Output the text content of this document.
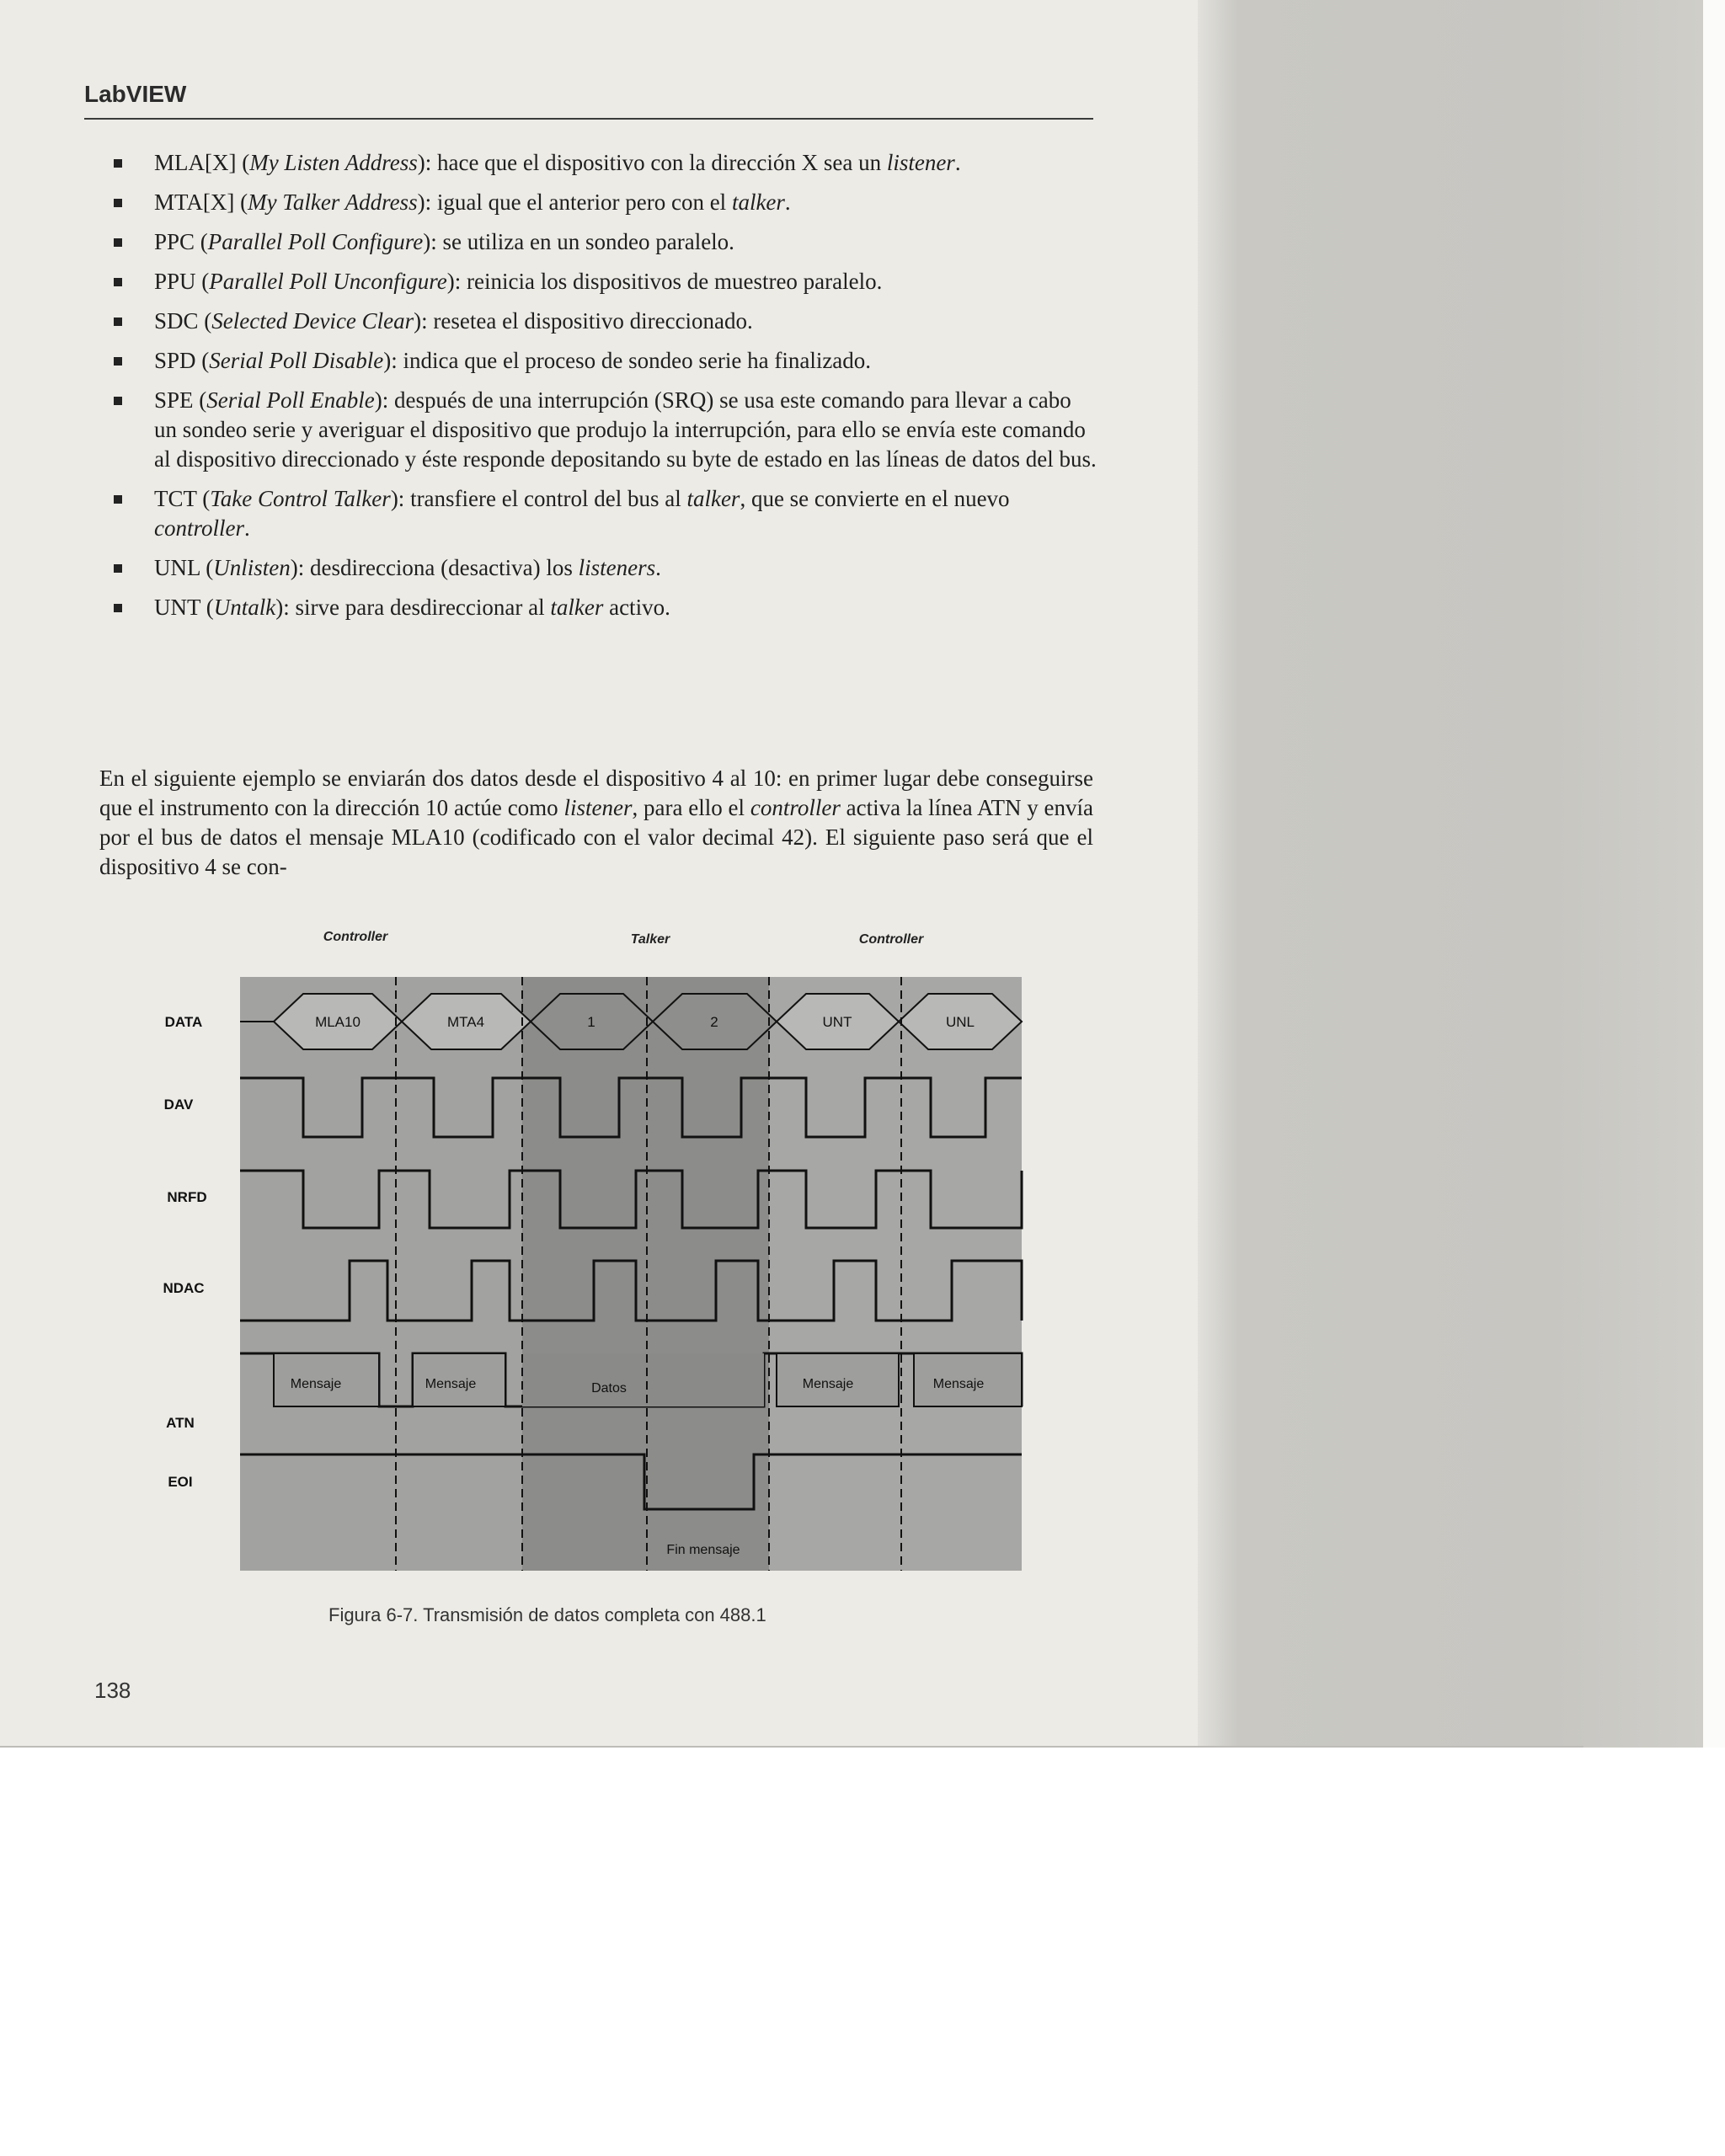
LabVIEW
MLA[X] (My Listen Address): hace que el dispositivo con la dirección X sea un listener.
MTA[X] (My Talker Address): igual que el anterior pero con el talker.
PPC (Parallel Poll Configure): se utiliza en un sondeo paralelo.
PPU (Parallel Poll Unconfigure): reinicia los dispositivos de muestreo paralelo.
SDC (Selected Device Clear): resetea el dispositivo direccionado.
SPD (Serial Poll Disable): indica que el proceso de sondeo serie ha finalizado.
SPE (Serial Poll Enable): después de una interrupción (SRQ) se usa este comando para llevar a cabo un sondeo serie y averiguar el dispositivo que produjo la interrupción, para ello se envía este comando al dispositivo direccionado y éste responde depositando su byte de estado en las líneas de datos del bus.
TCT (Take Control Talker): transfiere el control del bus al talker, que se convierte en el nuevo controller.
UNL (Unlisten): desdirecciona (desactiva) los listeners.
UNT (Untalk): sirve para desdireccionar al talker activo.

En el siguiente ejemplo se enviarán dos datos desde el dispositivo 4 al 10: en primer lugar debe conseguirse que el instrumento con la dirección 10 actúe como listener, para ello el controller activa la línea ATN y envía por el bus de datos el mensaje MLA10 (codificado con el valor decimal 42). El siguiente paso será que el dispositivo 4 se con-

Controller	Talker	Controller
DATA
DAV
NRFD
NDAC
ATN
EOI
MLA10	MTA4	1	2	UNT	UNL
Mensaje	Mensaje	Datos	Mensaje	Mensaje
Fin mensaje
Figura 6-7. Transmisión de datos completa con 488.1
138
